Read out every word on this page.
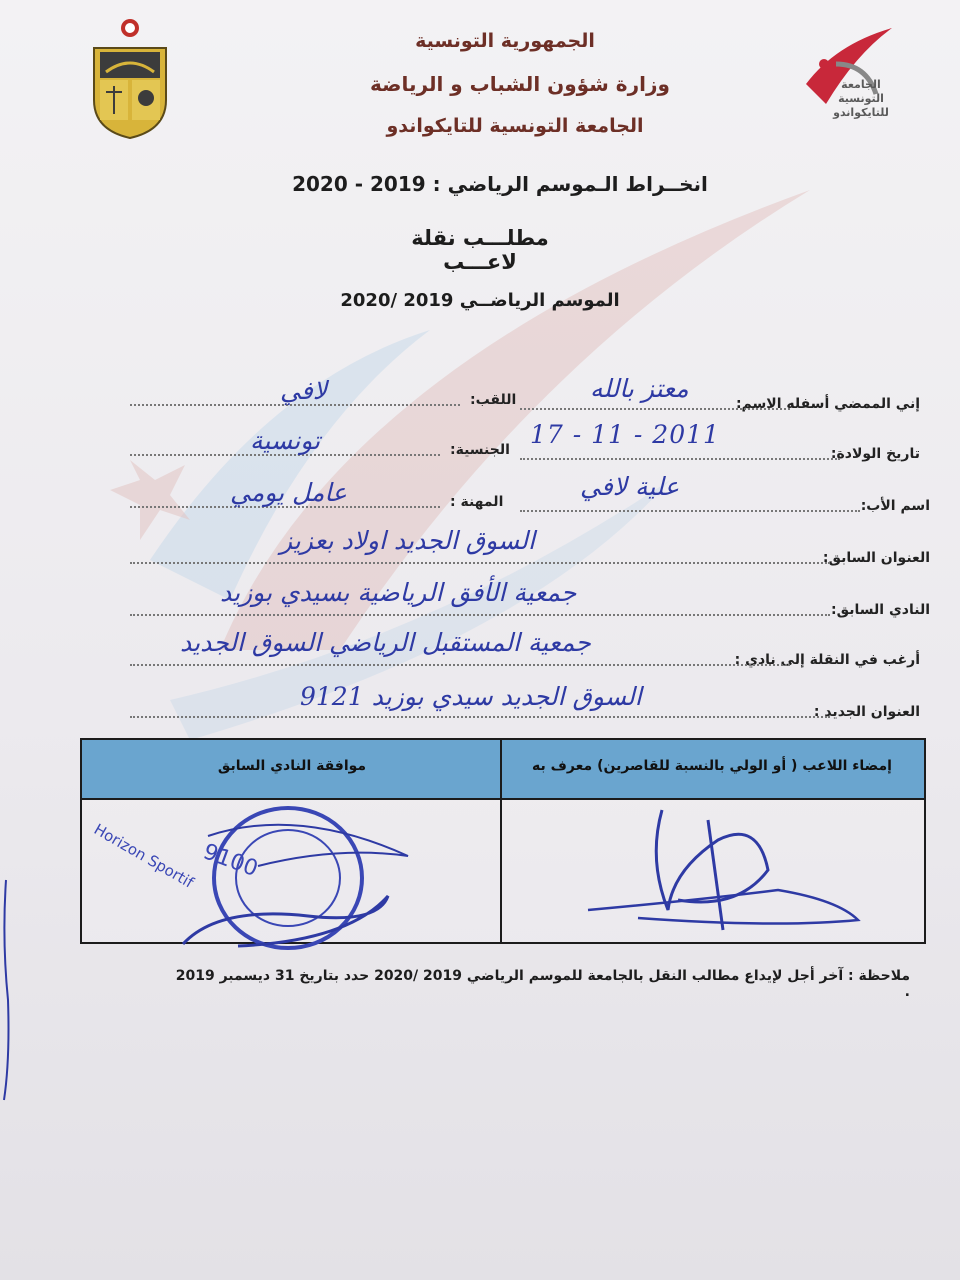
الجامعة
التونسية
للتايكواندو
الجمهورية التونسية
وزارة شؤون الشباب و الرياضة
الجامعة التونسية للتايكواندو
انخــراط الـموسم الرياضي : 2019 - 2020
مطلـــب نقلة لاعـــب
الموسم الرياضــي 2019 /2020
إني الممضي أسفله الاسم:
معتز بالله
اللقب:
لافي
تاريخ الولادة:
17 - 11 - 2011
الجنسية:
تونسية
اسم الأب:
علية لافي
المهنة :
عامل يومي
العنوان السابق:
السوق الجديد اولاد بعزيز
النادي السابق:
جمعية الأفق الرياضية بسيدي بوزيد
أرغب في النقلة إلى نادي :
جمعية المستقبل الرياضي السوق الجديد
العنوان الجديد :
السوق الجديد سيدي بوزيد 9121
إمضاء اللاعب ( أو الولي بالنسبة للقاصرين) معرف به
موافقة النادي السابق
9100
Horizon Sportif
ملاحظة : آخر أجل لإيداع مطالب النقل بالجامعة للموسم الرياضي 2019 /2020 حدد بتاريخ 31 ديسمبر 2019 .
